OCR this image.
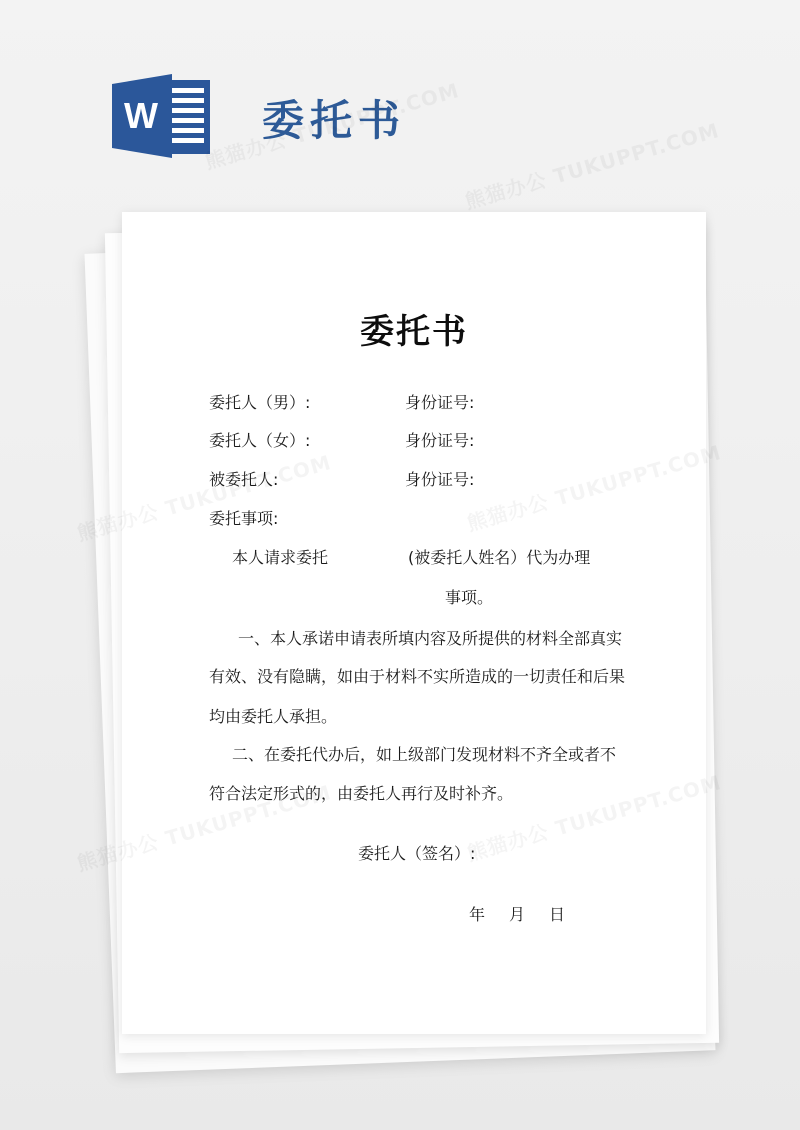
W 委托书
委托书
委托人（男）:	身份证号:
委托人（女）:	身份证号:
被委托人:	身份证号:
委托事项:
本人请求委托	(被委托人姓名）代为办理
事项。
一、本人承诺申请表所填内容及所提供的材料全部真实
有效、没有隐瞒，如由于材料不实所造成的一切责任和后果
均由委托人承担。
二、在委托代办后，如上级部门发现材料不齐全或者不
符合法定形式的，由委托人再行及时补齐。
委托人（签名）:
年 月 日
